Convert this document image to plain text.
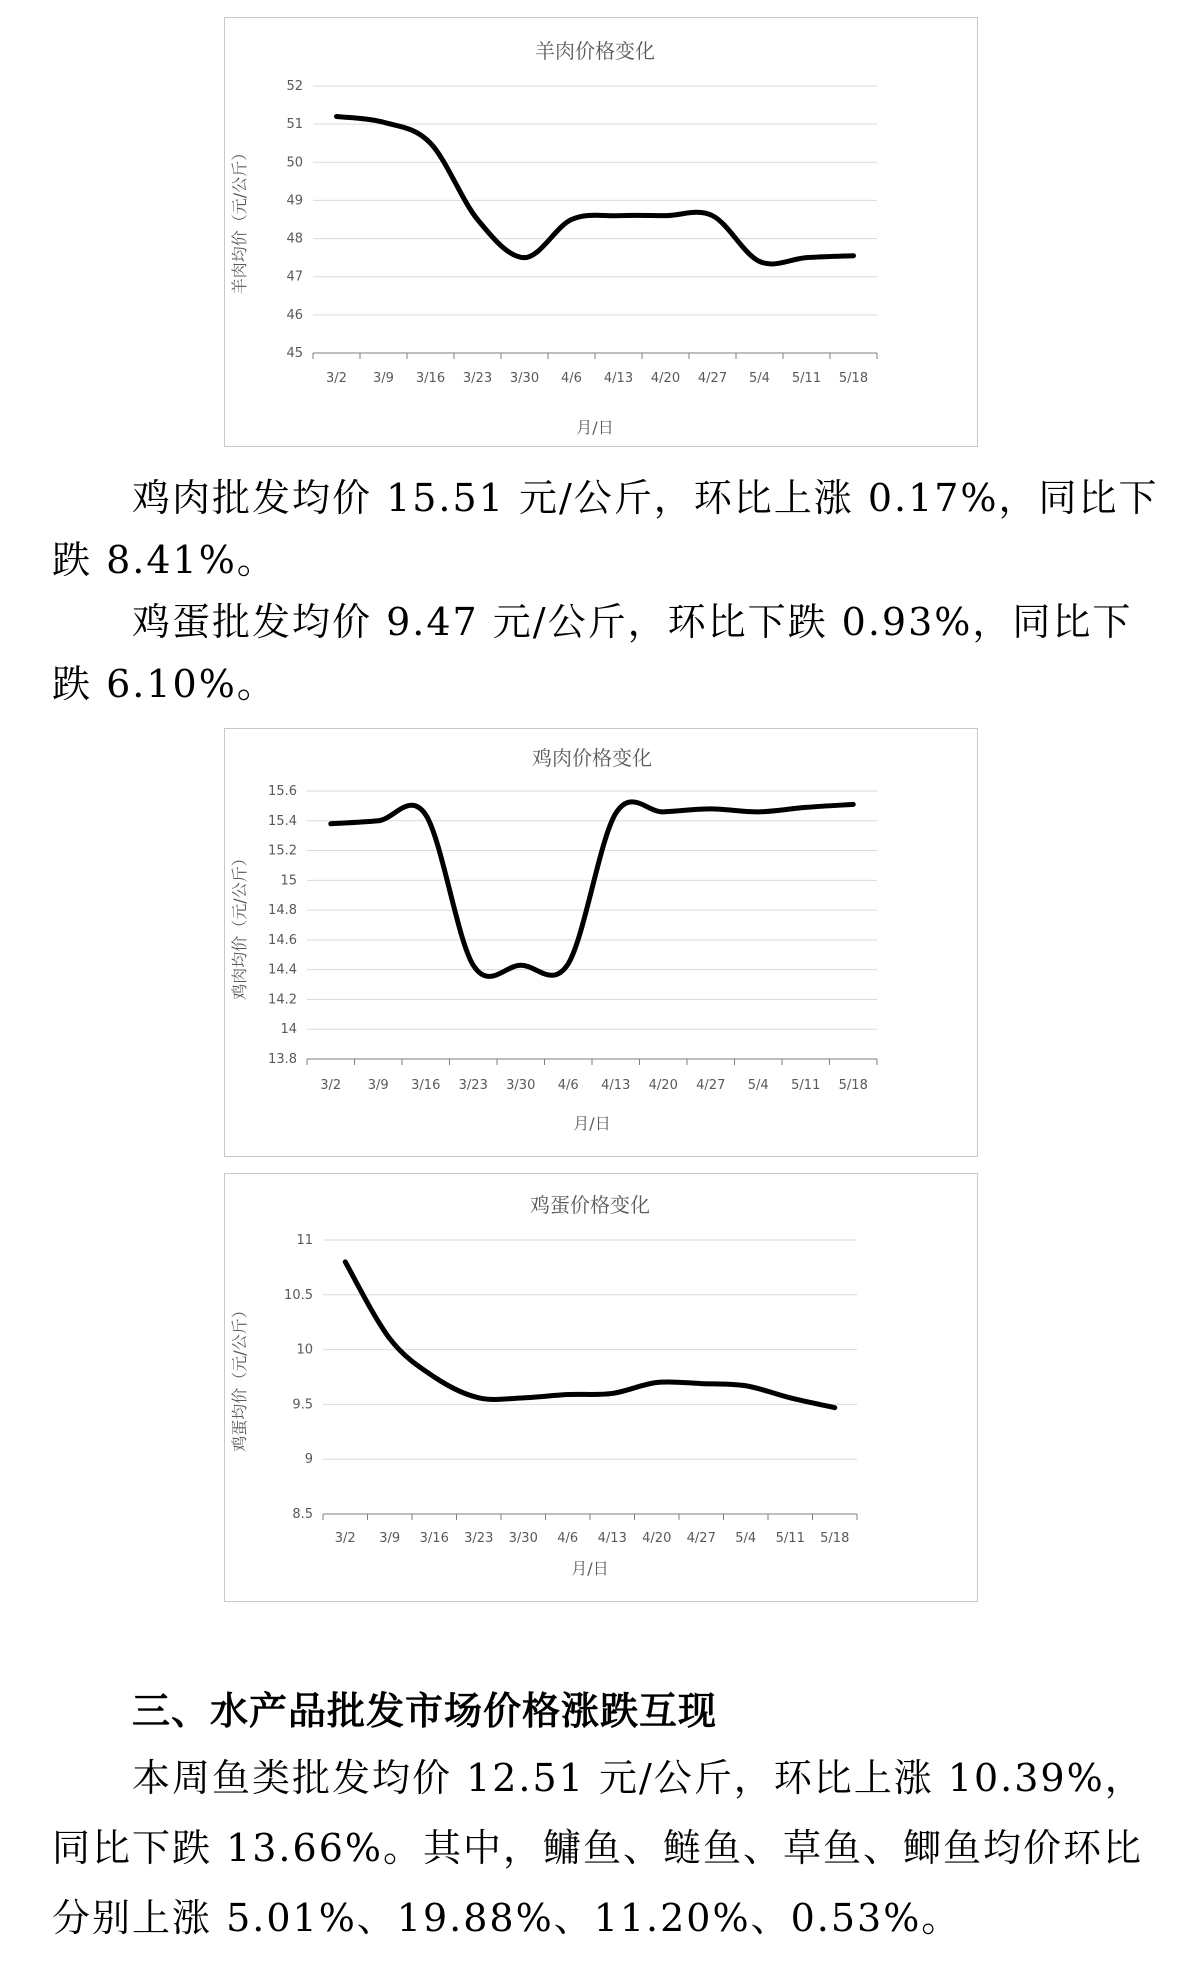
羊肉价格变化
45
46
47
48
49
50
51
52
3/2 3/9 3/16 3/23 3/30 4/6 4/13 4/20 4/27 5/4 5/11 5/18
月/日
羊肉均价（元/公斤）

鸡肉批发均价 15.51 元/公斤，环比上涨 0.17%，同比下

跌 8.41%。

鸡蛋批发均价 9.47 元/公斤，环比下跌 0.93%，同比下

跌 6.10%。

鸡肉价格变化
13.8
14
14.2
14.4
14.6
14.8
15
15.2
15.4
15.6
3/2 3/9 3/16 3/23 3/30 4/6 4/13 4/20 4/27 5/4 5/11 5/18
月/日
鸡肉均价（元/公斤）
鸡蛋价格变化
8.5
9
9.5
10
10.5
11
3/2 3/9 3/16 3/23 3/30 4/6 4/13 4/20 4/27 5/4 5/11 5/18
月/日
鸡蛋均价（元/公斤）
三、水产品批发市场价格涨跌互现

本周鱼类批发均价 12.51 元/公斤，环比上涨 10.39%，

同比下跌 13.66%。其中，鳙鱼、鲢鱼、草鱼、鲫鱼均价环比

分别上涨 5.01%、19.88%、11.20%、0.53%。
